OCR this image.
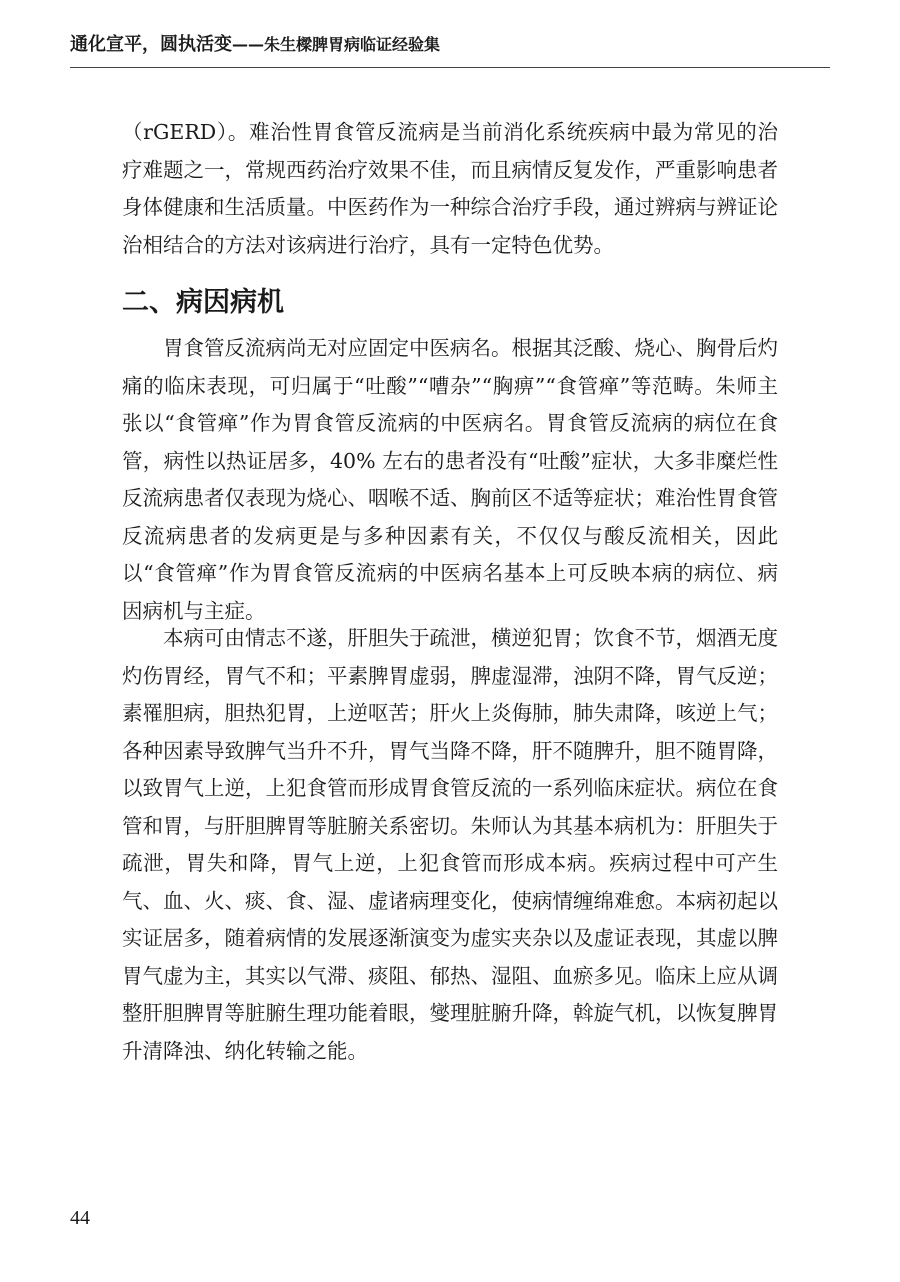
通化宣平，圆执活变——朱生樑脾胃病临证经验集

（rGERD）。难治性胃食管反流病是当前消化系统疾病中最为常见的治疗难题之一，常规西药治疗效果不佳，而且病情反复发作，严重影响患者身体健康和生活质量。中医药作为一种综合治疗手段，通过辨病与辨证论治相结合的方法对该病进行治疗，具有一定特色优势。

二、病因病机

胃食管反流病尚无对应固定中医病名。根据其泛酸、烧心、胸骨后灼痛的临床表现，可归属于“吐酸”“嘈杂”“胸痹”“食管瘅”等范畴。朱师主张以“食管瘅”作为胃食管反流病的中医病名。胃食管反流病的病位在食管，病性以热证居多，40% 左右的患者没有“吐酸”症状，大多非糜烂性反流病患者仅表现为烧心、咽喉不适、胸前区不适等症状；难治性胃食管反流病患者的发病更是与多种因素有关，不仅仅与酸反流相关，因此以“食管瘅”作为胃食管反流病的中医病名基本上可反映本病的病位、病因病机与主症。

本病可由情志不遂，肝胆失于疏泄，横逆犯胃；饮食不节，烟酒无度灼伤胃经，胃气不和；平素脾胃虚弱，脾虚湿滞，浊阴不降，胃气反逆；素罹胆病，胆热犯胃，上逆呕苦；肝火上炎侮肺，肺失肃降，咳逆上气；各种因素导致脾气当升不升，胃气当降不降，肝不随脾升，胆不随胃降，以致胃气上逆，上犯食管而形成胃食管反流的一系列临床症状。病位在食管和胃，与肝胆脾胃等脏腑关系密切。朱师认为其基本病机为：肝胆失于疏泄，胃失和降，胃气上逆，上犯食管而形成本病。疾病过程中可产生气、血、火、痰、食、湿、虚诸病理变化，使病情缠绵难愈。本病初起以实证居多，随着病情的发展逐渐演变为虚实夹杂以及虚证表现，其虚以脾胃气虚为主，其实以气滞、痰阻、郁热、湿阻、血瘀多见。临床上应从调整肝胆脾胃等脏腑生理功能着眼，燮理脏腑升降，斡旋气机，以恢复脾胃升清降浊、纳化转输之能。

44
